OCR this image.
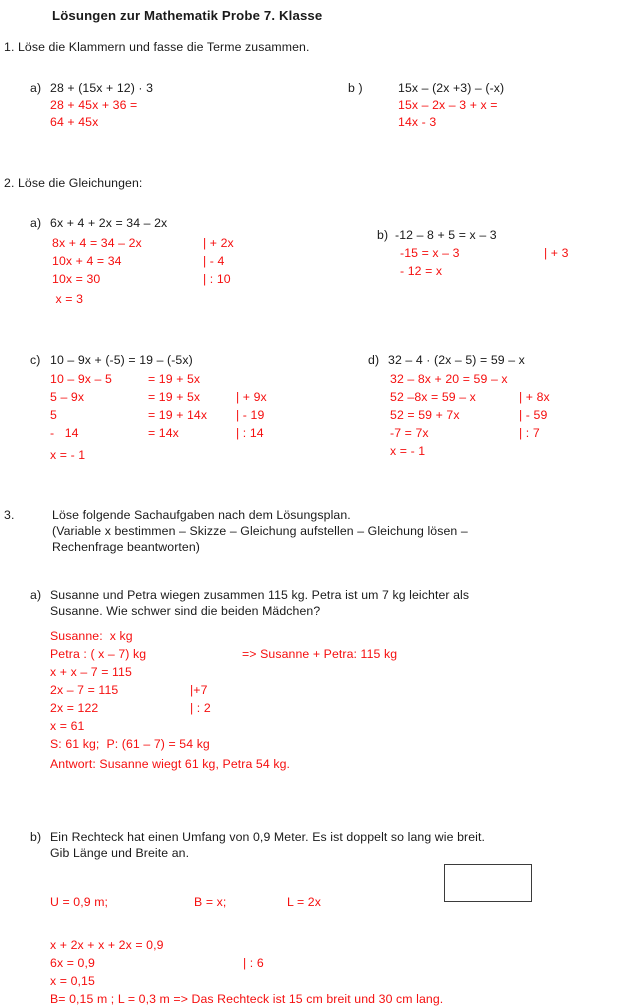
Lösungen zur Mathematik Probe 7. Klasse
1. Löse die Klammern und fasse die Terme zusammen.
a) 28 + (15x + 12) · 3
28 + 45x + 36 =
64 + 45x
b )	15x – (2x +3) – (-x)
15x – 2x – 3 + x =
14x - 3
2. Löse die Gleichungen:
a) 6x + 4 + 2x = 34 – 2x
8x + 4 = 34 – 2x	| + 2x
10x + 4 = 34	| - 4
10x = 30	| : 10
x = 3
b) -12 – 8 + 5 = x – 3
-15 = x – 3	| + 3
- 12 = x
c) 10 – 9x + (-5) = 19 – (-5x)
10 – 9x – 5	= 19 + 5x
5 – 9x	= 19 + 5x	| + 9x
5	= 19 + 14x | - 19
-   14	= 14x	| : 14
x = - 1
d) 32 – 4 · (2x – 5) = 59 – x
32 – 8x + 20 = 59 – x
52 –8x = 59 – x	| + 8x
52 = 59 + 7x	| - 59
-7 = 7x	| : 7
x = - 1
3.	Löse folgende Sachaufgaben nach dem Lösungsplan.
(Variable x bestimmen – Skizze – Gleichung aufstellen – Gleichung lösen –
Rechenfrage beantworten)
a) Susanne und Petra wiegen zusammen 115 kg. Petra ist um 7 kg leichter als
Susanne. Wie schwer sind die beiden Mädchen?
Susanne:  x kg
Petra : ( x – 7) kg	=> Susanne + Petra: 115 kg
x + x – 7 = 115
2x – 7 = 115	|+7
2x = 122	| : 2
x = 61
S: 61 kg;  P: (61 – 7) = 54 kg
Antwort: Susanne wiegt 61 kg, Petra 54 kg.
b) Ein Rechteck hat einen Umfang von 0,9 Meter. Es ist doppelt so lang wie breit.
Gib Länge und Breite an.
U = 0,9 m;	B = x;	L = 2x
x + 2x + x + 2x = 0,9
6x = 0,9	| : 6
x = 0,15
B= 0,15 m ; L = 0,3 m => Das Rechteck ist 15 cm breit und 30 cm lang.
